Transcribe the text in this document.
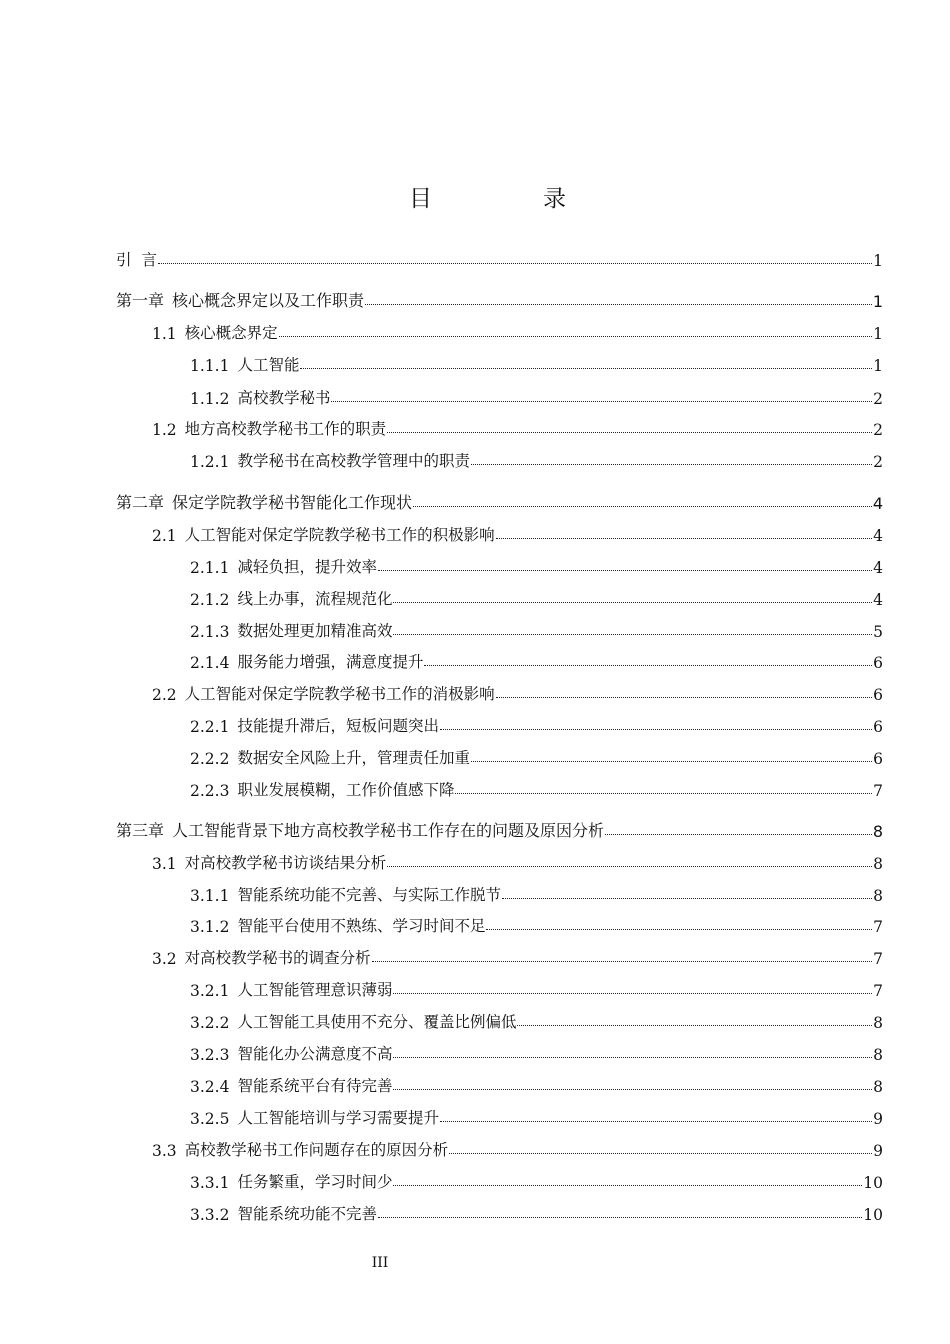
目　录
引 言	1
第一章 核心概念界定以及工作职责	1
1.1 核心概念界定	1
1.1.1 人工智能	1
1.1.2 高校教学秘书	2
1.2 地方高校教学秘书工作的职责	2
1.2.1 教学秘书在高校教学管理中的职责	2
第二章 保定学院教学秘书智能化工作现状	4
2.1 人工智能对保定学院教学秘书工作的积极影响	4
2.1.1 减轻负担，提升效率	4
2.1.2 线上办事，流程规范化	4
2.1.3 数据处理更加精准高效	5
2.1.4 服务能力增强，满意度提升	6
2.2 人工智能对保定学院教学秘书工作的消极影响	6
2.2.1 技能提升滞后，短板问题突出	6
2.2.2 数据安全风险上升，管理责任加重	6
2.2.3 职业发展模糊，工作价值感下降	7
第三章 人工智能背景下地方高校教学秘书工作存在的问题及原因分析	8
3.1 对高校教学秘书访谈结果分析	8
3.1.1 智能系统功能不完善、与实际工作脱节	8
3.1.2 智能平台使用不熟练、学习时间不足	7
3.2 对高校教学秘书的调查分析	7
3.2.1 人工智能管理意识薄弱	7
3.2.2 人工智能工具使用不充分、覆盖比例偏低	8
3.2.3 智能化办公满意度不高	8
3.2.4 智能系统平台有待完善	8
3.2.5 人工智能培训与学习需要提升	9
3.3 高校教学秘书工作问题存在的原因分析	9
3.3.1 任务繁重，学习时间少	10
3.3.2 智能系统功能不完善	10
III
